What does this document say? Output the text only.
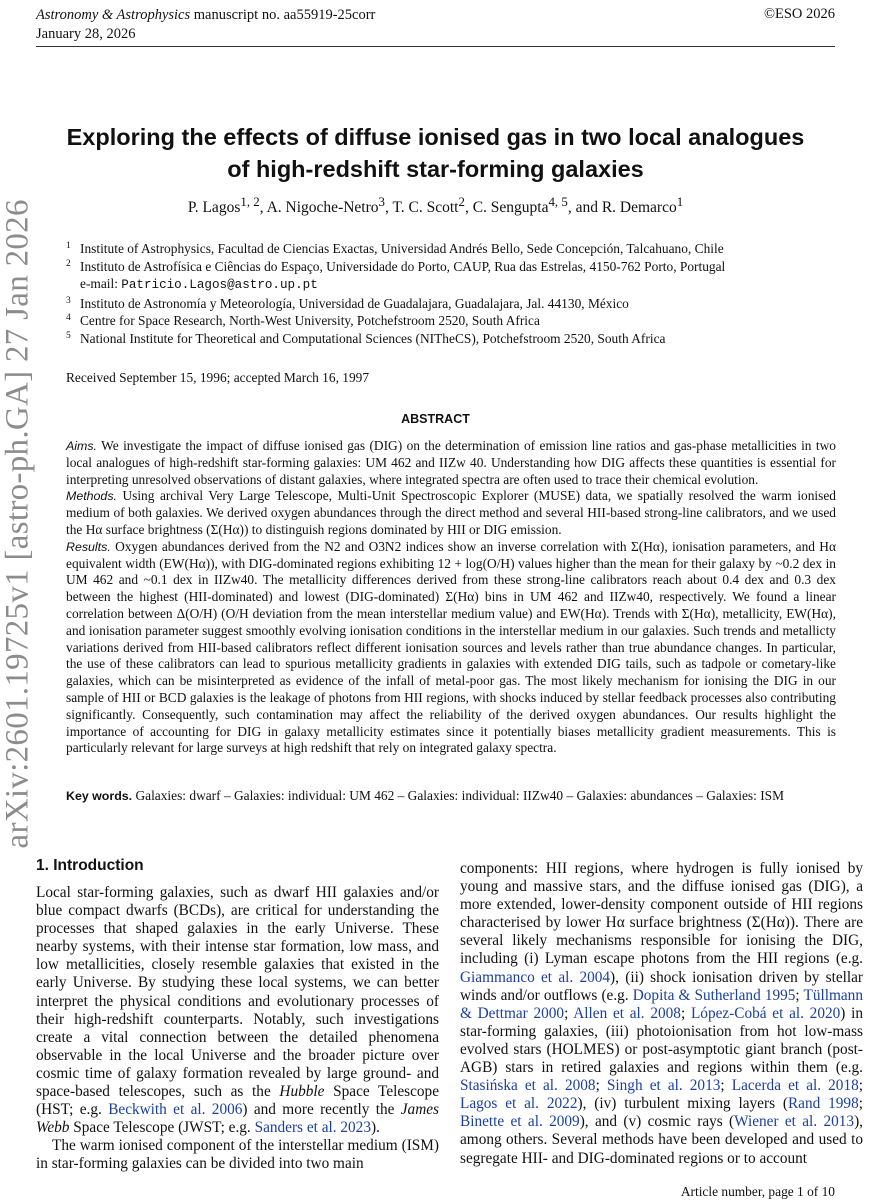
arXiv:2601.19725v1 [astro-ph.GA] 27 Jan 2026
Astronomy & Astrophysics manuscript no. aa55919-25corr
January 28, 2026
©ESO 2026
Exploring the effects of diffuse ionised gas in two local analogues
of high-redshift star-forming galaxies
P. Lagos$^{1, 2}$, A. Nigoche-Netro$^3$, T. C. Scott$^2$, C. Sengupta$^{4, 5}$, and R. Demarco$^1$
1 Institute of Astrophysics, Facultad de Ciencias Exactas, Universidad Andrés Bello, Sede Concepción, Talcahuano, Chile
2 Instituto de Astrofísica e Ciências do Espaço, Universidade do Porto, CAUP, Rua das Estrelas, 4150-762 Porto, Portugal
e-mail: Patricio.Lagos@astro.up.pt
3 Instituto de Astronomía y Meteorología, Universidad de Guadalajara, Guadalajara, Jal. 44130, México
4 Centre for Space Research, North-West University, Potchefstroom 2520, South Africa
5 National Institute for Theoretical and Computational Sciences (NITheCS), Potchefstroom 2520, South Africa
Received September 15, 1996; accepted March 16, 1997
ABSTRACT

Aims. We investigate the impact of diffuse ionised gas (DIG) on the determination of emission line ratios and gas-phase metallicities in two local analogues of high-redshift star-forming galaxies: UM 462 and IIZw 40. Understanding how DIG affects these quantities is essential for interpreting unresolved observations of distant galaxies, where integrated spectra are often used to trace their chemical evolution.

Methods. Using archival Very Large Telescope, Multi-Unit Spectroscopic Explorer (MUSE) data, we spatially resolved the warm ionised medium of both galaxies. We derived oxygen abundances through the direct method and several HII-based strong-line calibrators, and we used the Hα surface brightness (Σ(Hα)) to distinguish regions dominated by HII or DIG emission.

Results. Oxygen abundances derived from the N2 and O3N2 indices show an inverse correlation with Σ(Hα), ionisation parameters, and Hα equivalent width (EW(Hα)), with DIG-dominated regions exhibiting 12 + log(O/H) values higher than the mean for their galaxy by ~0.2 dex in UM 462 and ~0.1 dex in IIZw40. The metallicity differences derived from these strong-line calibrators reach about 0.4 dex and 0.3 dex between the highest (HII-dominated) and lowest (DIG-dominated) Σ(Hα) bins in UM 462 and IIZw40, respectively. We found a linear correlation between Δ(O/H) (O/H deviation from the mean interstellar medium value) and EW(Hα). Trends with Σ(Hα), metallicity, EW(Hα), and ionisation parameter suggest smoothly evolving ionisation conditions in the interstellar medium in our galaxies. Such trends and metallicty variations derived from HII-based calibrators reflect different ionisation sources and levels rather than true abundance changes. In particular, the use of these calibrators can lead to spurious metallicity gradients in galaxies with extended DIG tails, such as tadpole or cometary-like galaxies, which can be misinterpreted as evidence of the infall of metal-poor gas. The most likely mechanism for ionising the DIG in our sample of HII or BCD galaxies is the leakage of photons from HII regions, with shocks induced by stellar feedback processes also contributing significantly. Consequently, such contamination may affect the reliability of the derived oxygen abundances. Our results highlight the importance of accounting for DIG in galaxy metallicity estimates since it potentially biases metallicity gradient measurements. This is particularly relevant for large surveys at high redshift that rely on integrated galaxy spectra.

Key words. Galaxies: dwarf – Galaxies: individual: UM 462 – Galaxies: individual: IIZw40 – Galaxies: abundances – Galaxies: ISM
1. Introduction

Local star-forming galaxies, such as dwarf HII galaxies and/or blue compact dwarfs (BCDs), are critical for understanding the processes that shaped galaxies in the early Universe. These nearby systems, with their intense star formation, low mass, and low metallicities, closely resemble galaxies that existed in the early Universe. By studying these local systems, we can better interpret the physical conditions and evolutionary processes of their high-redshift counterparts. Notably, such investigations create a vital connection between the detailed phenomena observable in the local Universe and the broader picture over cosmic time of galaxy formation revealed by large ground- and space-based telescopes, such as the Hubble Space Telescope (HST; e.g. Beckwith et al. 2006) and more recently the James Webb Space Telescope (JWST; e.g. Sanders et al. 2023).

The warm ionised component of the interstellar medium (ISM) in star-forming galaxies can be divided into two main

components: HII regions, where hydrogen is fully ionised by young and massive stars, and the diffuse ionised gas (DIG), a more extended, lower-density component outside of HII regions characterised by lower Hα surface brightness (Σ(Hα)). There are several likely mechanisms responsible for ionising the DIG, including (i) Lyman escape photons from the HII regions (e.g. Giammanco et al. 2004), (ii) shock ionisation driven by stellar winds and/or outflows (e.g. Dopita & Sutherland 1995; Tüllmann & Dettmar 2000; Allen et al. 2008; López-Cobá et al. 2020) in star-forming galaxies, (iii) photoionisation from hot low-mass evolved stars (HOLMES) or post-asymptotic giant branch (post-AGB) stars in retired galaxies and regions within them (e.g. Stasińska et al. 2008; Singh et al. 2013; Lacerda et al. 2018; Lagos et al. 2022), (iv) turbulent mixing layers (Rand 1998; Binette et al. 2009), and (v) cosmic rays (Wiener et al. 2013), among others. Several methods have been developed and used to segregate HII- and DIG-dominated regions or to account

Article number, page 1 of 10
